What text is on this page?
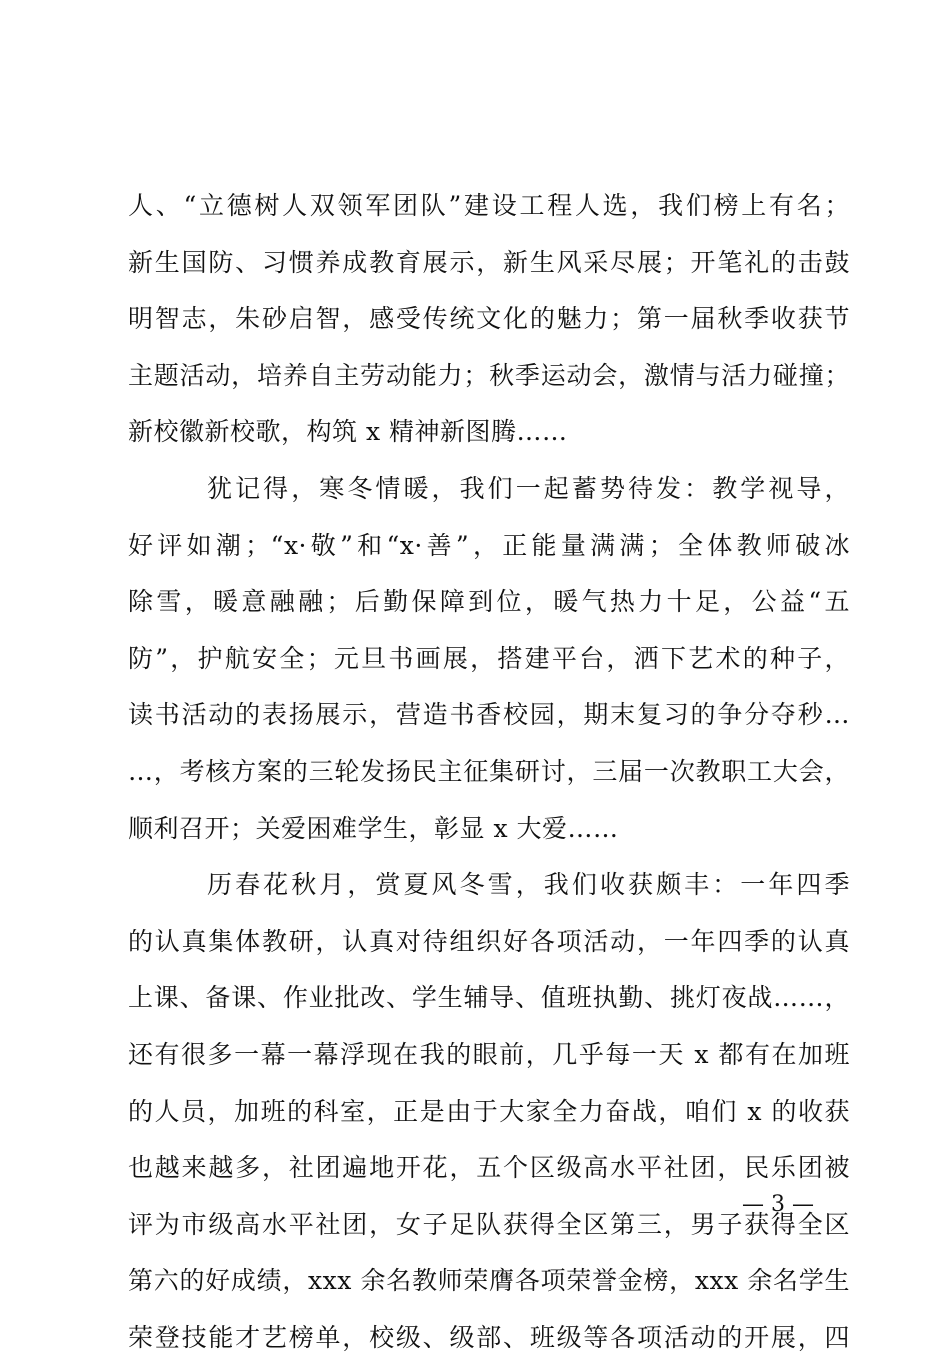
人、“立德树人双领军团队”建设工程人选，我们榜上有名；
新生国防、习惯养成教育展示，新生风采尽展；开笔礼的击鼓
明智志，朱砂启智，感受传统文化的魅力；第一届秋季收获节
主题活动，培养自主劳动能力；秋季运动会，激情与活力碰撞；
新校徽新校歌，构筑 x 精神新图腾……
犹记得，寒冬情暖，我们一起蓄势待发：教学视导，
好评如潮；“x·敬”和“x·善”，正能量满满；全体教师破冰
除雪，暖意融融；后勤保障到位，暖气热力十足，公益“五
防”，护航安全；元旦书画展，搭建平台，洒下艺术的种子，
读书活动的表扬展示，营造书香校园，期末复习的争分夺秒…
…，考核方案的三轮发扬民主征集研讨，三届一次教职工大会，
顺利召开；关爱困难学生，彰显 x 大爱……
历春花秋月，赏夏风冬雪，我们收获颇丰：一年四季
的认真集体教研，认真对待组织好各项活动，一年四季的认真
上课、备课、作业批改、学生辅导、值班执勤、挑灯夜战……，
还有很多一幕一幕浮现在我的眼前，几乎每一天 x 都有在加班
的人员，加班的科室，正是由于大家全力奋战，咱们 x 的收获
也越来越多，社团遍地开花，五个区级高水平社团，民乐团被
评为市级高水平社团，女子足队获得全区第三，男子获得全区
第六的好成绩，xxx 余名教师荣膺各项荣誉金榜，xxx 余名学生
荣登技能才艺榜单，校级、级部、班级等各项活动的开展，四
— 3 —
